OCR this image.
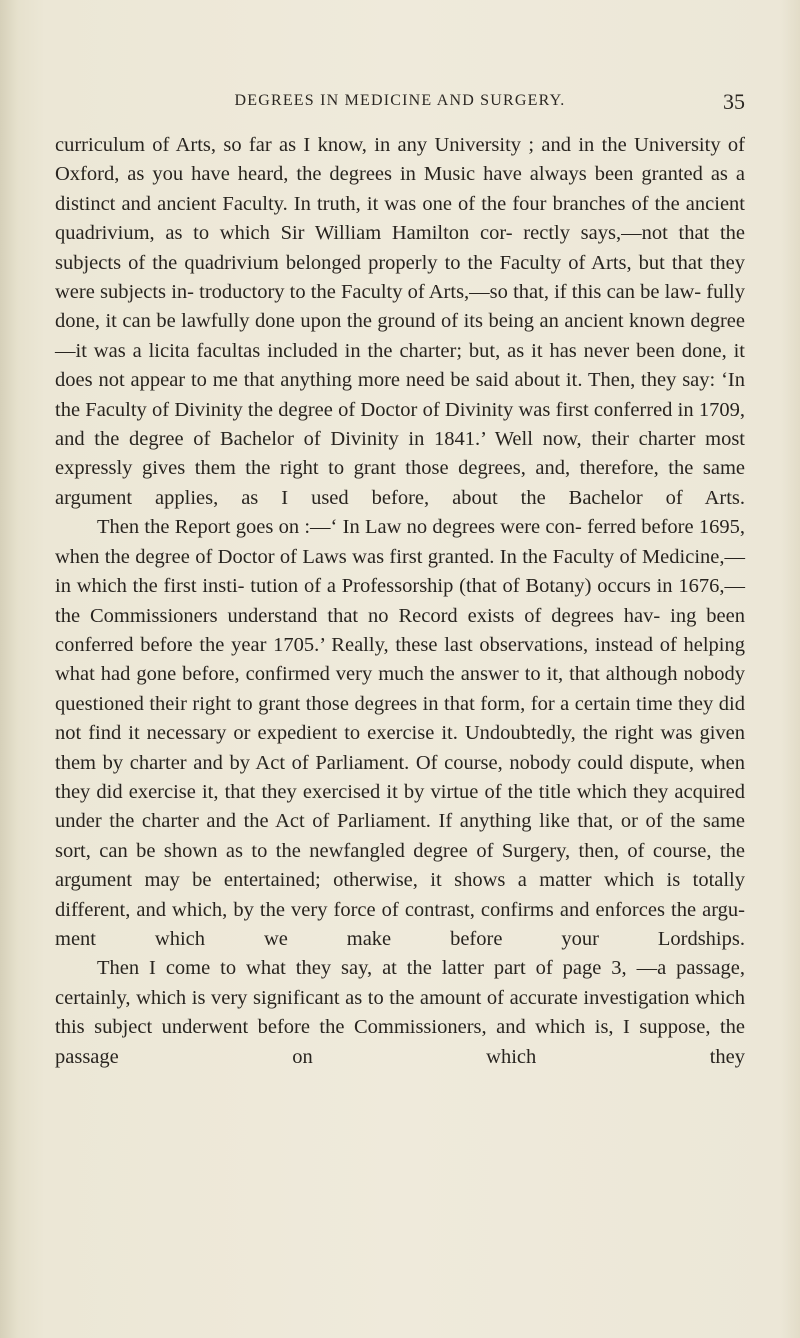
DEGREES IN MEDICINE AND SURGERY.	35

curriculum of Arts, so far as I know, in any University ; and in the University of Oxford, as you have heard, the degrees in Music have always been granted as a distinct and ancient Faculty. In truth, it was one of the four branches of the ancient quadrivium, as to which Sir William Hamilton cor- rectly says,—not that the subjects of the quadrivium belonged properly to the Faculty of Arts, but that they were subjects in- troductory to the Faculty of Arts,—so that, if this can be law- fully done, it can be lawfully done upon the ground of its being an ancient known degree—it was a licita facultas included in the charter; but, as it has never been done, it does not appear to me that anything more need be said about it. Then, they say: ‘In the Faculty of Divinity the degree of Doctor of Divinity was first conferred in 1709, and the degree of Bachelor of Divinity in 1841.’ Well now, their charter most expressly gives them the right to grant those degrees, and, therefore, the same argument applies, as I used before, about the Bachelor of Arts.

Then the Report goes on :—‘ In Law no degrees were con- ferred before 1695, when the degree of Doctor of Laws was first granted. In the Faculty of Medicine,—in which the first insti- tution of a Professorship (that of Botany) occurs in 1676,—the Commissioners understand that no Record exists of degrees hav- ing been conferred before the year 1705.’ Really, these last observations, instead of helping what had gone before, confirmed very much the answer to it, that although nobody questioned their right to grant those degrees in that form, for a certain time they did not find it necessary or expedient to exercise it. Undoubtedly, the right was given them by charter and by Act of Parliament. Of course, nobody could dispute, when they did exercise it, that they exercised it by virtue of the title which they acquired under the charter and the Act of Parliament. If anything like that, or of the same sort, can be shown as to the newfangled degree of Surgery, then, of course, the argument may be entertained; otherwise, it shows a matter which is totally different, and which, by the very force of contrast, confirms and enforces the argu- ment which we make before your Lordships.

Then I come to what they say, at the latter part of page 3, —a passage, certainly, which is very significant as to the amount of accurate investigation which this subject underwent before the Commissioners, and which is, I suppose, the passage on which they
